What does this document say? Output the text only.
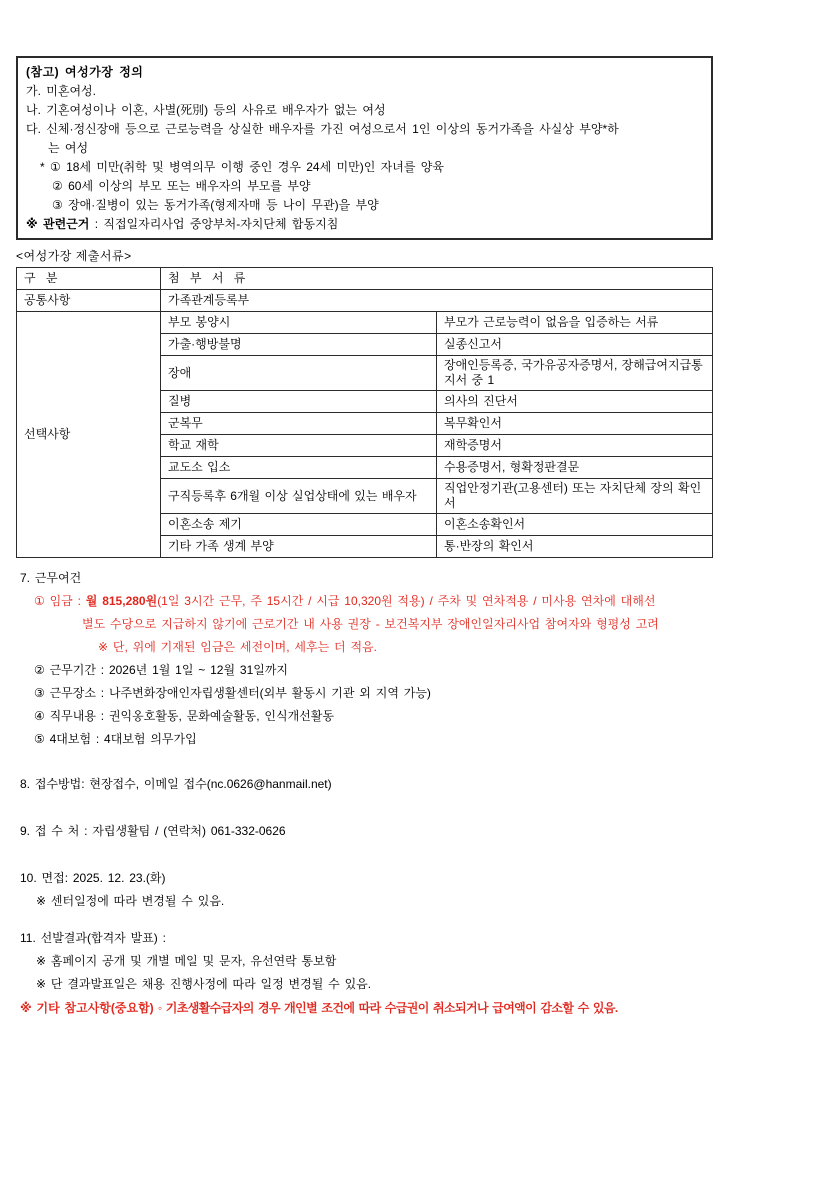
(참고) 여성가장 정의
가. 미혼여성.
나. 기혼여성이나 이혼, 사별(死別) 등의 사유로 배우자가 없는 여성
다. 신체·정신장애 등으로 근로능력을 상실한 배우자를 가진 여성으로서 1인 이상의 동거가족을 사실상 부양*하
는 여성
* ① 18세 미만(취학 및 병역의무 이행 중인 경우 24세 미만)인 자녀를 양육
② 60세 이상의 부모 또는 배우자의 부모를 부양
③ 장애·질병이 있는 동거가족(형제자매 등 나이 무관)을 부양
※ 관련근거 : 직접일자리사업 중앙부처-자치단체 합동지침
<여성가장 제출서류>
구 분	첨 부 서 류	
공통사항	가족관계등록부	
선택사항	부모 봉양시	부모가 근로능력이 없음을 입증하는 서류
	가출·행방불명	실종신고서
	장애	장애인등록증, 국가유공자증명서, 장해급여지급통지서 중 1
	질병	의사의 진단서
	군복무	복무확인서
	학교 재학	재학증명서
	교도소 입소	수용증명서, 형확정판결문
	구직등록후 6개월 이상 실업상태에 있는 배우자	직업안정기관(고용센터) 또는 자치단체 장의 확인서
	이혼소송 제기	이혼소송확인서
	기타 가족 생계 부양	통·반장의 확인서
7. 근무여건
① 임금 : 월 815,280원(1일 3시간 근무, 주 15시간 / 시급 10,320원 적용) / 주차 및 연차적용 / 미사용 연차에 대해선
별도 수당으로 지급하지 않기에 근로기간 내 사용 권장 - 보건복지부 장애인일자리사업 참여자와 형평성 고려
※ 단, 위에 기재된 임금은 세전이며, 세후는 더 적음.
② 근무기간 : 2026년 1월 1일 ~ 12월 31일까지
③ 근무장소 : 나주변화장애인자립생활센터(외부 활동시 기관 외 지역 가능)
④ 직무내용 : 권익옹호활동, 문화예술활동, 인식개선활동
⑤ 4대보험 : 4대보험 의무가입
8. 접수방법: 현장접수, 이메일 접수(nc.0626@hanmail.net)
9. 접 수 처 : 자립생활팀 / (연락처) 061-332-0626
10. 면접: 2025. 12. 23.(화)
※ 센터일정에 따라 변경될 수 있음.
11. 선발결과(합격자 발표) :
※ 홈페이지 공개 및 개별 메일 및 문자, 유선연락 통보함
※ 단 결과발표일은 채용 진행사정에 따라 일정 변경될 수 있음.
※ 기타 참고사항(중요함) ◦ 기초생활수급자의 경우 개인별 조건에 따라 수급권이 취소되거나 급여액이 감소할 수 있음.
